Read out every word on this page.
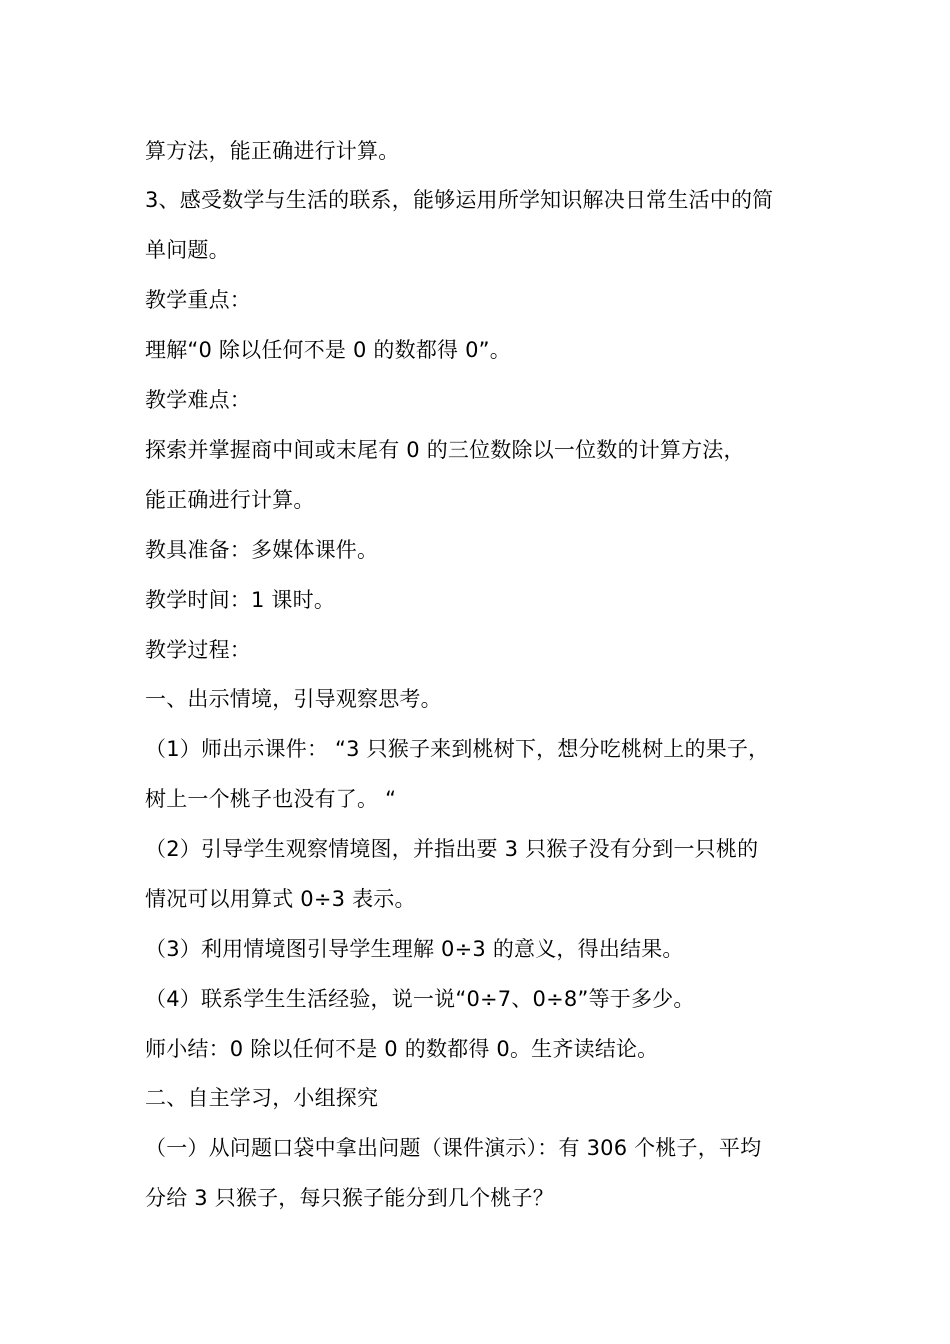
算方法，能正确进行计算。
3、感受数学与生活的联系，能够运用所学知识解决日常生活中的简
单问题。
教学重点：
理解“0 除以任何不是 0 的数都得 0”。
教学难点：
探索并掌握商中间或末尾有 0 的三位数除以一位数的计算方法，
能正确进行计算。
教具准备：多媒体课件。
教学时间：1 课时。
教学过程：
一、出示情境，引导观察思考。
（1）师出示课件： “3 只猴子来到桃树下，想分吃桃树上的果子，
树上一个桃子也没有了。 “
（2）引导学生观察情境图，并指出要 3 只猴子没有分到一只桃的
情况可以用算式 0÷3 表示。
（3）利用情境图引导学生理解 0÷3 的意义，得出结果。
（4）联系学生生活经验，说一说“0÷7、0÷8”等于多少。
师小结：0 除以任何不是 0 的数都得 0。生齐读结论。
二、自主学习，小组探究
（一）从问题口袋中拿出问题（课件演示）：有 306 个桃子，平均
分给 3 只猴子，每只猴子能分到几个桃子？
